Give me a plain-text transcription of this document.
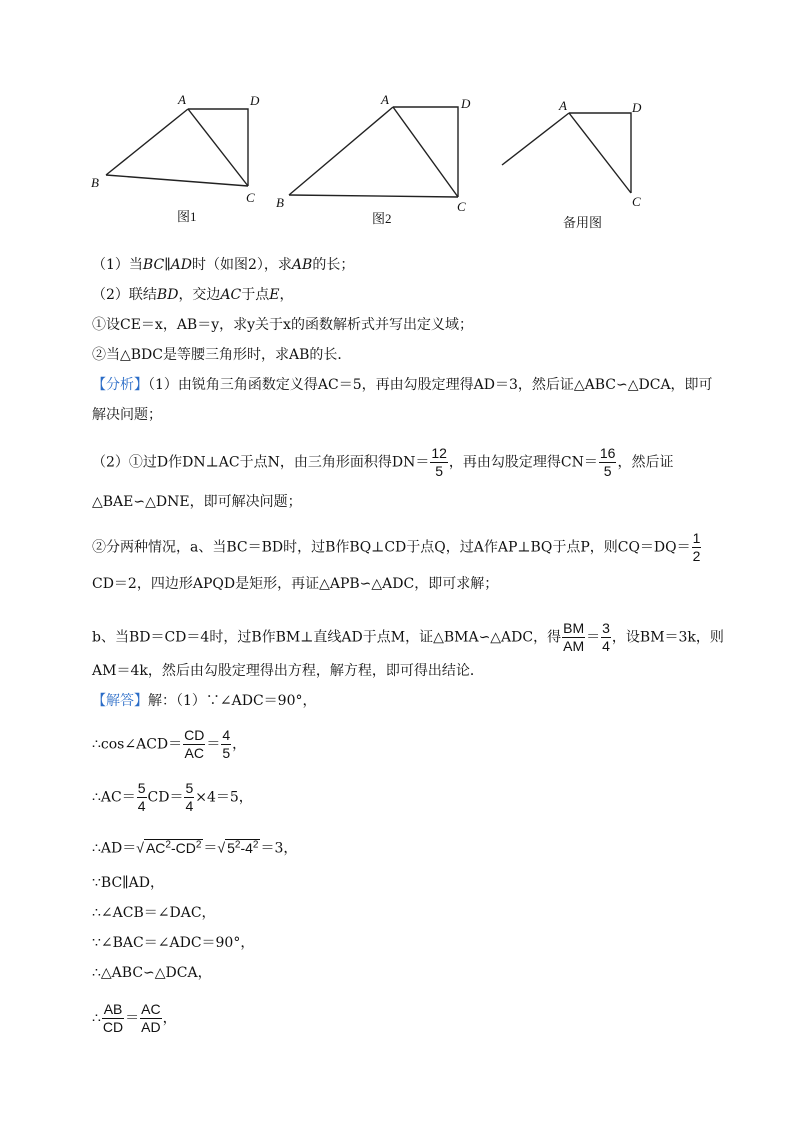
A	D
B
C
图1
A	D
B	C
图2
A	D
C
备用图
（1）当BC∥AD时（如图2），求AB的长；
（2）联结BD，交边AC于点E，
①设CE＝x，AB＝y，求y关于x的函数解析式并写出定义域；
②当△BDC是等腰三角形时，求AB的长．
【分析】（1）由锐角三角函数定义得AC＝5，再由勾股定理得AD＝3，然后证△ABC∽△DCA，即可
解决问题；
（2）①过D作DN⊥AC于点N，由三角形面积得$DN= \frac{12}{5}$ ，再由勾股定理得$CN= \frac{16}{5}$ ，然后证
△BAE∽△DNE，即可解决问题；
②分两种情况，a、当BC＝BD时，过B作BQ⊥CD于点Q，过A作AP⊥BQ于点P，则$CQ=DQ= \frac{1}{2}$
CD＝2，四边形APQD是矩形，再证△APB∽△ADC，即可求解；
b、当BD＝CD＝4时，过B作BM⊥直线AD于点M，证△BMA∽△ADC，得 $\frac{BM}{AM} = \frac{3}{4}$ ，设BM＝3k，则
AM＝4k，然后由勾股定理得出方程，解方程，即可得出结论．
【解答】解：（1）∵∠ADC＝90°，
∴cos∠ACD＝ $\frac{CD}{AC} = \frac{4}{5}$ ，
∴AC＝ $\frac{5}{4} CD= \frac{5}{4} \times 4=5$，
∴AD＝√ $AC^2-CD^2$ ＝√ $5^2-4^2 =3$，
∵BC∥AD，
∴∠ACB＝∠DAC，
∵∠BAC＝∠ADC＝90°，
∴△ABC∽△DCA，
∴ $\frac{AB}{CD} = \frac{AC}{AD}$ ，
